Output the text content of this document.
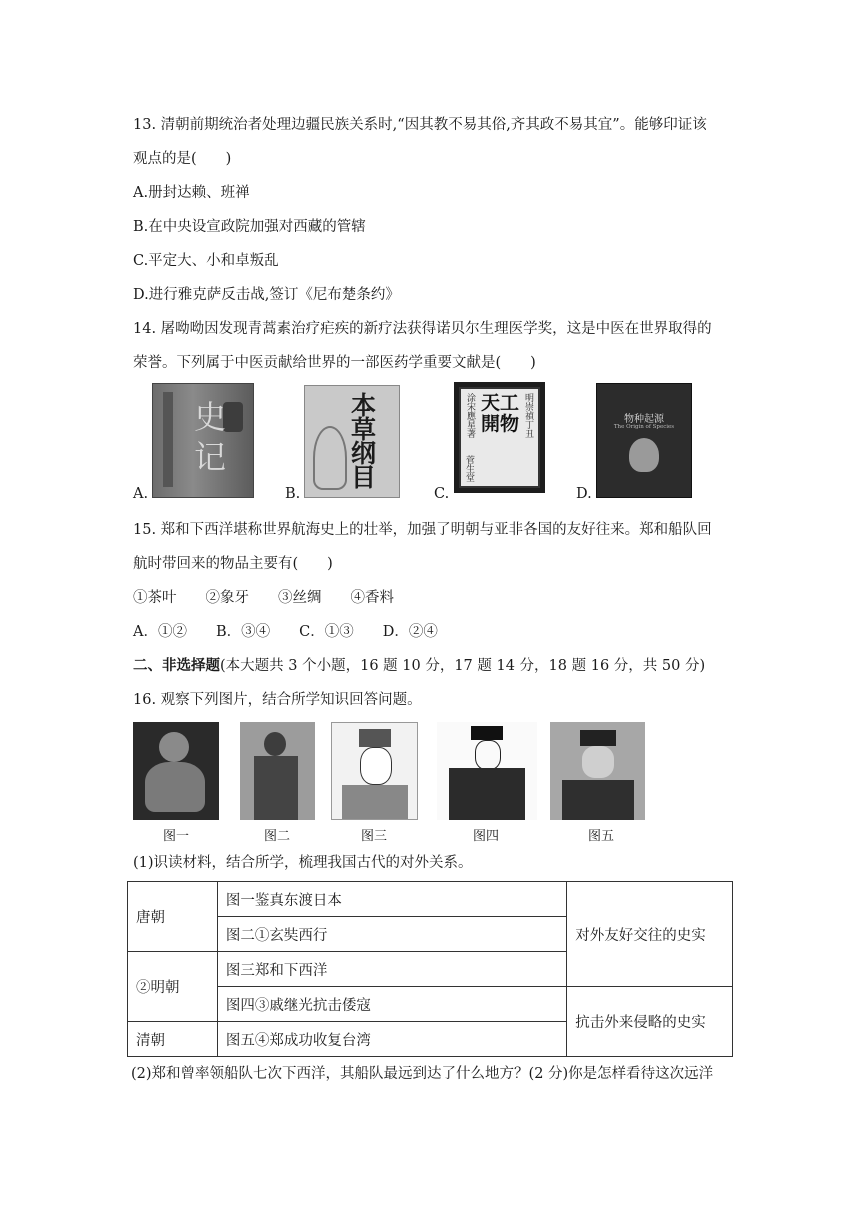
13. 清朝前期统治者处理边疆民族关系时,“因其教不易其俗,齐其政不易其宜”。能够印证该
观点的是(　　)
A.册封达赖、班禅
B.在中央设宣政院加强对西藏的管辖
C.平定大、小和卓叛乱
D.进行雅克萨反击战,签订《尼布楚条约》
14. 屠呦呦因发现青蒿素治疗疟疾的新疗法获得诺贝尔生理医学奖，这是中医在世界取得的
荣誉。下列属于中医贡献给世界的一部医药学重要文献是(　　)
A.
史记
B.
本草纲目
C.
涂宋應星著	明崇禎丁丑
天工開物
菅生堂
D.
物种起源
The Origin of Species
15. 郑和下西洋堪称世界航海史上的壮举，加强了明朝与亚非各国的友好往来。郑和船队回
航时带回来的物品主要有(　　)
①茶叶　　②象牙　　③丝绸　　④香料
A．①②　　B．③④　　C．①③　　D．②④
二、非选择题(本大题共 3 个小题，16 题 10 分，17 题 14 分，18 题 16 分，共 50 分)
16. 观察下列图片，结合所学知识回答问题。
图一	图二	图三	图四	图五
(1)识读材料，结合所学，梳理我国古代的对外关系。
唐朝	图一鉴真东渡日本	对外友好交往的史实
	图二①玄奘西行	
②明朝	图三郑和下西洋	
	图四③戚继光抗击倭寇	抗击外来侵略的史实
清朝	图五④郑成功收复台湾	
(2)郑和曾率领船队七次下西洋，其船队最远到达了什么地方？(2 分)你是怎样看待这次远洋
